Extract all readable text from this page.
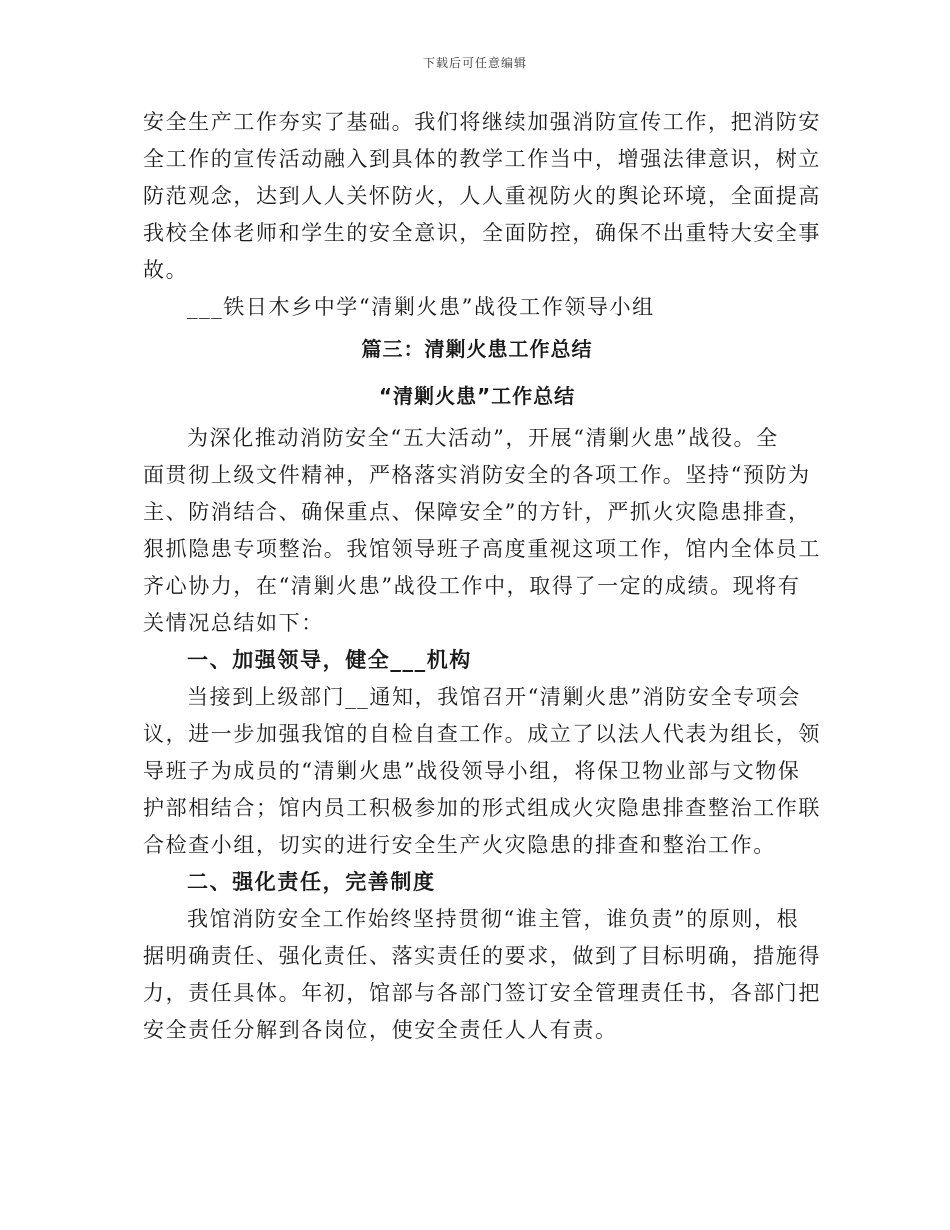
下载后可任意编辑
安全生产工作夯实了基础。我们将继续加强消防宣传工作，把消防安
全工作的宣传活动融入到具体的教学工作当中，增强法律意识，树立
防范观念，达到人人关怀防火，人人重视防火的舆论环境，全面提高
我校全体老师和学生的安全意识，全面防控，确保不出重特大安全事
故。
___铁日木乡中学“清剿火患”战役工作领导小组
篇三：清剿火患工作总结
“清剿火患”工作总结
为深化推动消防安全“五大活动”，开展“清剿火患”战役。全
面贯彻上级文件精神，严格落实消防安全的各项工作。坚持“预防为
主、防消结合、确保重点、保障安全”的方针，严抓火灾隐患排查，
狠抓隐患专项整治。我馆领导班子高度重视这项工作，馆内全体员工
齐心协力，在“清剿火患”战役工作中，取得了一定的成绩。现将有
关情况总结如下：
一、加强领导，健全___机构
当接到上级部门__通知，我馆召开“清剿火患”消防安全专项会
议，进一步加强我馆的自检自查工作。成立了以法人代表为组长，领
导班子为成员的“清剿火患”战役领导小组，将保卫物业部与文物保
护部相结合；馆内员工积极参加的形式组成火灾隐患排查整治工作联
合检查小组，切实的进行安全生产火灾隐患的排查和整治工作。
二、强化责任，完善制度
我馆消防安全工作始终坚持贯彻“谁主管，谁负责”的原则，根
据明确责任、强化责任、落实责任的要求，做到了目标明确，措施得
力，责任具体。年初，馆部与各部门签订安全管理责任书，各部门把
安全责任分解到各岗位，使安全责任人人有责。
